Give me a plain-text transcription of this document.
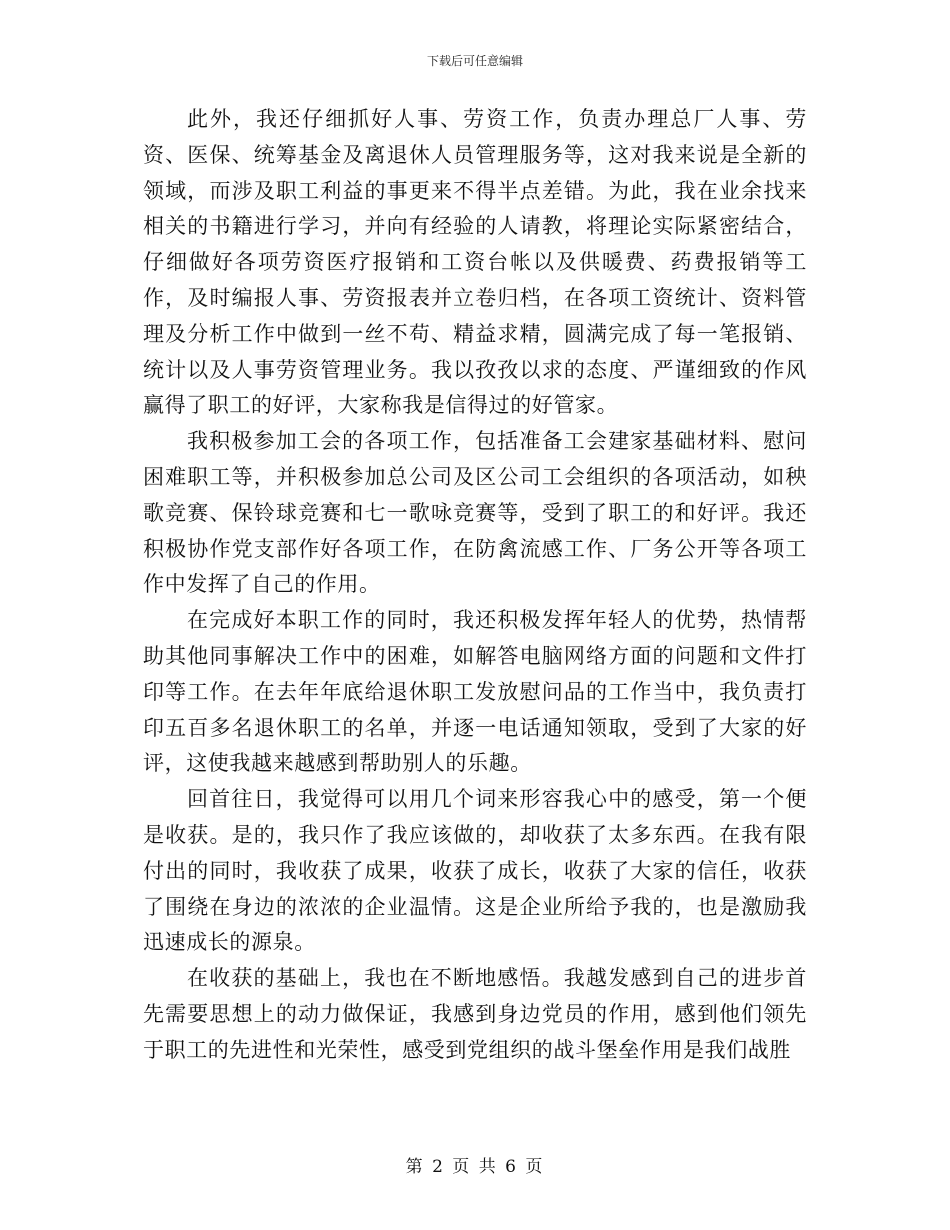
下载后可任意编辑

此外，我还仔细抓好人事、劳资工作，负责办理总厂人事、劳资、医保、统筹基金及离退休人员管理服务等，这对我来说是全新的领域，而涉及职工利益的事更来不得半点差错。为此，我在业余找来相关的书籍进行学习，并向有经验的人请教，将理论实际紧密结合，仔细做好各项劳资医疗报销和工资台帐以及供暖费、药费报销等工作，及时编报人事、劳资报表并立卷归档，在各项工资统计、资料管理及分析工作中做到一丝不苟、精益求精，圆满完成了每一笔报销、统计以及人事劳资管理业务。我以孜孜以求的态度、严谨细致的作风赢得了职工的好评，大家称我是信得过的好管家。

我积极参加工会的各项工作，包括准备工会建家基础材料、慰问困难职工等，并积极参加总公司及区公司工会组织的各项活动，如秧歌竞赛、保铃球竞赛和七一歌咏竞赛等，受到了职工的和好评。我还积极协作党支部作好各项工作，在防禽流感工作、厂务公开等各项工作中发挥了自己的作用。

在完成好本职工作的同时，我还积极发挥年轻人的优势，热情帮助其他同事解决工作中的困难，如解答电脑网络方面的问题和文件打印等工作。在去年年底给退休职工发放慰问品的工作当中，我负责打印五百多名退休职工的名单，并逐一电话通知领取，受到了大家的好评，这使我越来越感到帮助别人的乐趣。

回首往日，我觉得可以用几个词来形容我心中的感受，第一个便是收获。是的，我只作了我应该做的，却收获了太多东西。在我有限付出的同时，我收获了成果，收获了成长，收获了大家的信任，收获了围绕在身边的浓浓的企业温情。这是企业所给予我的，也是激励我迅速成长的源泉。

在收获的基础上，我也在不断地感悟。我越发感到自己的进步首先需要思想上的动力做保证，我感到身边党员的作用，感到他们领先于职工的先进性和光荣性，感受到党组织的战斗堡垒作用是我们战胜

第 2 页 共 6 页
